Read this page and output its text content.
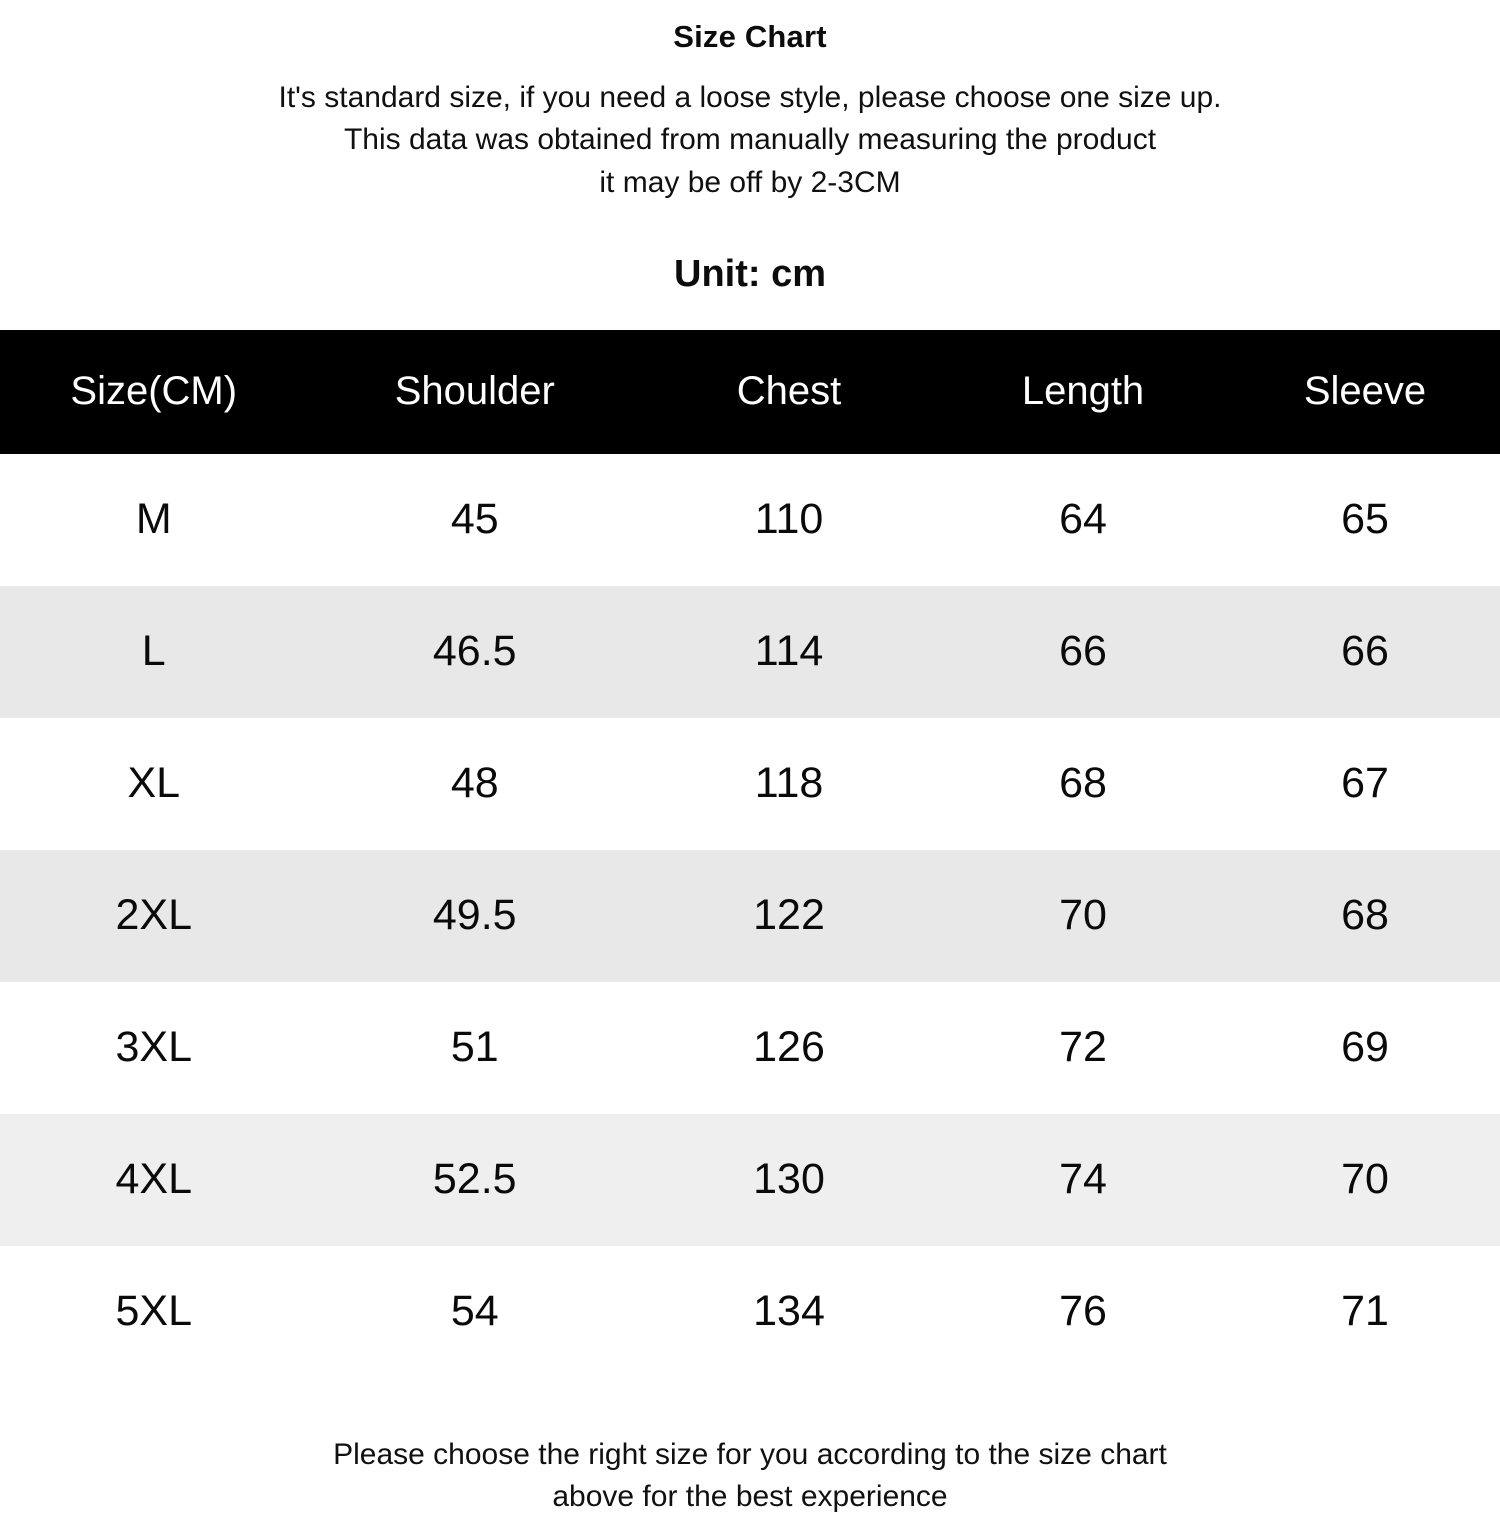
Size Chart
It's standard size, if you need a loose style, please choose one size up.
This data was obtained from manually measuring the product
it may be off by 2-3CM
Unit: cm
Size(CM)	Shoulder	Chest	Length	Sleeve
M	45	110	64	65
L	46.5	114	66	66
XL	48	118	68	67
2XL	49.5	122	70	68
3XL	51	126	72	69
4XL	52.5	130	74	70
5XL	54	134	76	71
Please choose the right size for you according to the size chart
above for the best experience
